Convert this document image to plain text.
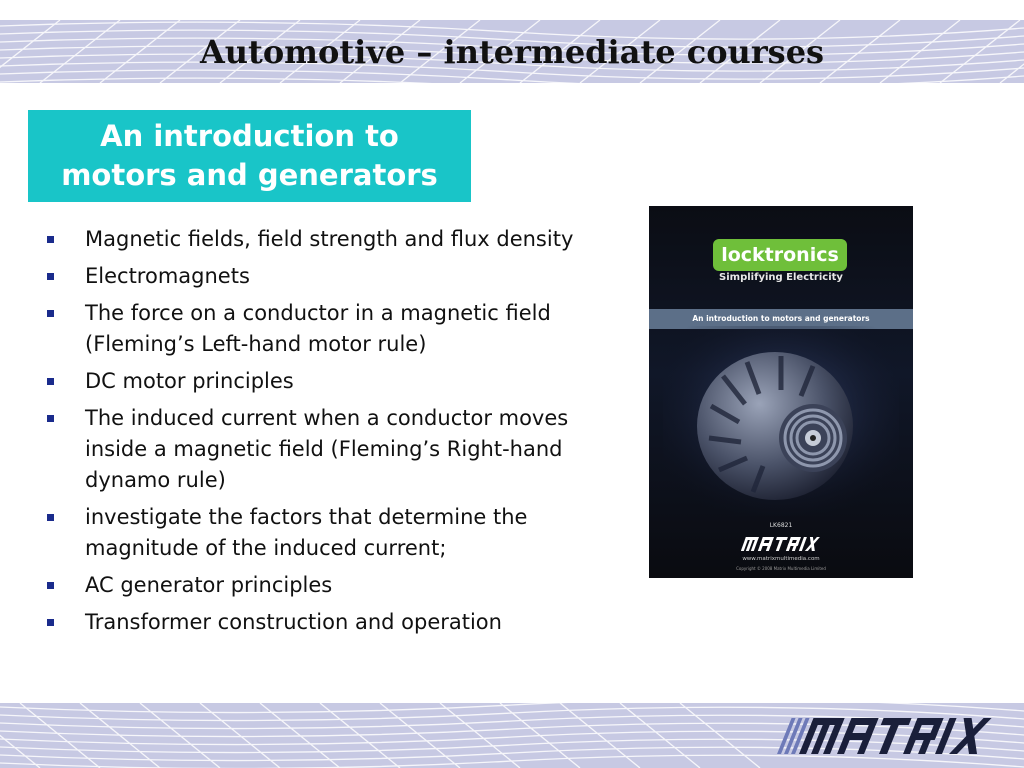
Automotive – intermediate courses
An introduction to
motors and generators
Magnetic fields, field strength and flux density
Electromagnets
The force on a conductor in a magnetic field (Fleming’s Left-hand motor rule)
DC motor principles
The induced current when a conductor moves inside a magnetic field (Fleming’s Right-hand dynamo rule)
investigate the factors that determine the magnitude of the induced current;
AC generator principles
Transformer construction and operation
locktronics
Simplifying Electricity
An introduction to motors and generators
LK6821
www.matrixmultimedia.com
Copyright © 2008 Matrix Multimedia Limited
